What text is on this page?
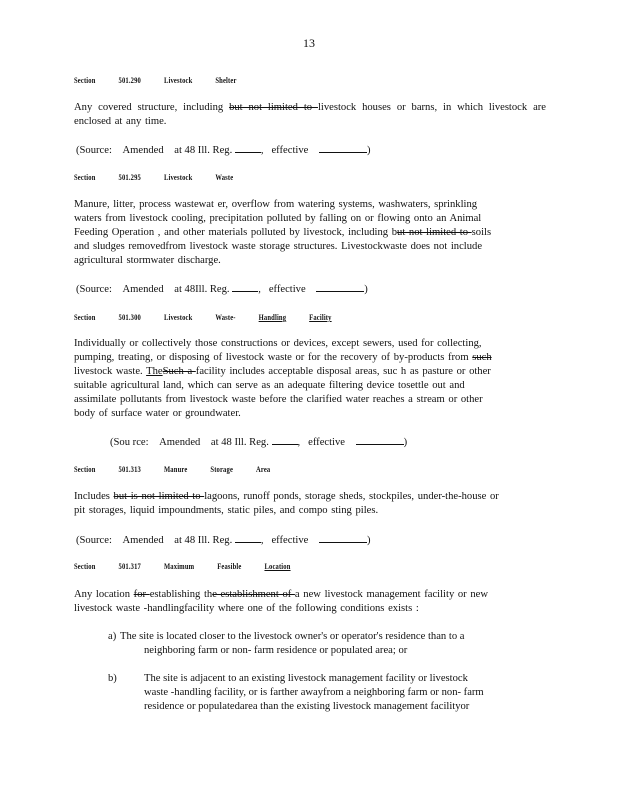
13
Section	501.290	Livestock	Shelter
Any covered structure, including but not limited to livestock houses or barns, in which livestock are enclosed at any time.
(Source: Amended at 48 Ill. Reg.	,   effective	)
Section	501.295	Livestock	Waste
Manure, litter, process wastewat er, overflow from watering systems, washwaters, sprinkling
waters from livestock cooling, precipitation polluted by falling on or flowing onto an Animal
Feeding Operation , and other materials polluted by livestock, including but not limited to soils
and sludges removedfrom livestock waste storage structures. Livestockwaste does not include
agricultural stormwater discharge.
(Source: Amended at 48Ill. Reg.	,   effective	)
Section	501.300	Livestock	Waste-	Handling	Facility
Individually or collectively those constructions or devices, except sewers, used for collecting,
pumping, treating, or disposing of livestock waste or for the recovery of by-products from such
livestock waste. TheSuch a facility includes acceptable disposal areas, suc h as pasture or other
suitable agricultural land, which can serve as an adequate filtering device tosettle out and
assimilate pollutants from livestock waste before the clarified water reaches a stream or other
body of surface water or groundwater.
(Sou rce: Amended at 48 Ill. Reg.	,   effective	)
Section	501.313	Manure	Storage	Area
Includes but is not limited to lagoons, runoff ponds, storage sheds, stockpiles, under-the-house or
pit storages, liquid impoundments, static piles, and compo sting piles.
(Source: Amended at 48 Ill. Reg.	,   effective	)
Section	501.317	Maximum	Feasible	Location
Any location for establishing the establishment of a new livestock management facility or new
livestock waste -handlingfacility where one of the following conditions exists :
a) The site is located closer to the livestock owner's or operator's residence than to a
neighboring farm or non- farm residence or populated area; or
b)	The site is adjacent to an existing livestock management facility or livestock
waste -handling facility, or is farther awayfrom a neighboring farm or non- farm
residence or populatedarea than the existing livestock management facilityor
